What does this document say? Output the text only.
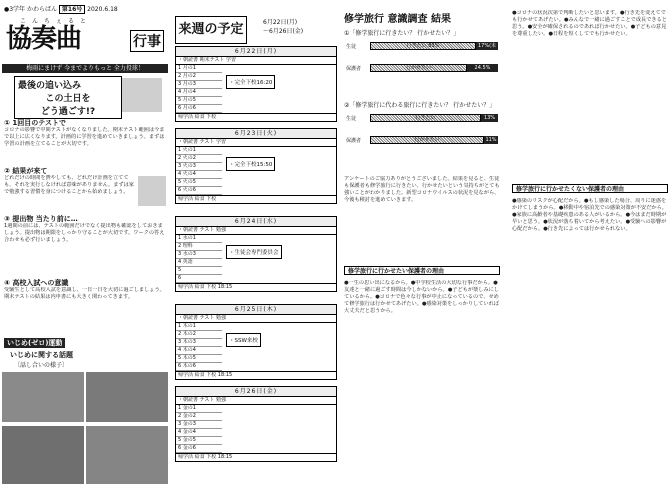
●3学年 かわらばん 第16号 2020.6.18
こんちぇると
協奏曲	行事
梅雨にまけず 今までよりもっと 全力投球！
最後の追い込み
この土日を
どう過ごす!?
① 1回目のテストで
コロナの影響で中間テストがなくなりました。期末テスト範囲は今まで以上に広くなります。計画的に学習を進めていきましょう。まずは学習の計画を立てることが大切です。
② 結果が来て
どれだけの時間を費やしても、どれだけ計画を立てても、それを実行しなければ意味がありません。まずは家で勉強する習慣を身につけることから始めましょう。
③ 提出物 当たり前に…
1週間の前には、テストの範囲だけでなく提出物も確認をしておきましょう。提出物は期限をしっかり守ることが大切です。ワークの答え合わせも必ず行いましょう。
④ 高校入試への意識
受験生として高校入試を意識し、一日一日を大切に過ごしましょう。期末テストの結果は内申書にも大きく関わってきます。
いじめ(ゼロ)運動
いじめに関する話題
〔話し合いの様子〕
来週の予定	6月22日(月)
〜6月26日(金)
6月22日(月)
・朝読書 期末テスト 学習
1 月の1
2 月の2
3 月の3
4 月の4
5 月の5
6 月の6
・完全下校16:20
帰学活 給食 下校
6月23日(火)
・朝読書 テスト 学習
1 火の1
2 火の2
3 火の3
4 火の4
5 火の5
6 火の6
・完全下校15:50
帰学活 給食 下校
6月24日(水)
・朝読書 テスト 勉強
1 水の1
2 理科
3 水の3
4 英語
5
6
・生徒会専門委員会
帰学活 給食 下校 18:15
6月25日(木)
・朝読書 テスト 勉強
1 木の1
2 木の2
3 木の3
4 木の4
5 木の5
6 木の6
・SSW来校
帰学活 給食 下校 18:15
6月26日(金)
・朝読書 テスト 勉強
1 金の1
2 金の2
3 金の3
4 金の4
5 金の5
6 金の6
帰学活 給食 下校 18:15
修学旅行 意識調査 結果
①「修学旅行に行きたい？ 行かせたい？」
生徒	行きたい 83%	17%(未定)
保護者	行かせたい	24.5%
②「修学旅行に代わる旅行に行きたい？ 行かせたい？」
生徒	行きたい	13%
保護者	行かせたい	11%
アンケートのご協力ありがとうございました。結果を見ると、生徒も保護者も修学旅行に行きたい、行かせたいという気持ちがとても強いことがわかりました。新型コロナウイルスの状況を見ながら、今後も検討を進めていきます。
修学旅行に行かせたい保護者の理由
●一生の思い出になるから。●中学校生活の大切な行事だから。●友達と一緒に過ごす時間は今しかないから。●子どもが楽しみにしているから。●コロナで色々な行事が中止になっているので、せめて修学旅行は行かせてあげたい。●感染対策をしっかりしていれば大丈夫だと思うから。
●コロナの状況次第で判断したいと思います。●行き先を変えてでも行かせてあげたい。●みんなで一緒に過ごすことで成長できると思う。●安全が確保されるのであれば行かせたい。●子どもの意見を尊重したい。●日程を短くしてでも行かせたい。
修学旅行に行かせたくない保護者の理由
●感染のリスクが心配だから。●もし感染した場合、周りに迷惑をかけてしまうから。●移動中や宿泊先での感染対策が不安だから。●家族に高齢者や基礎疾患のある人がいるから。●今はまだ時期が早いと思う。●状況が落ち着いてから考えたい。●受験への影響が心配だから。●行き先によっては行かせられない。
